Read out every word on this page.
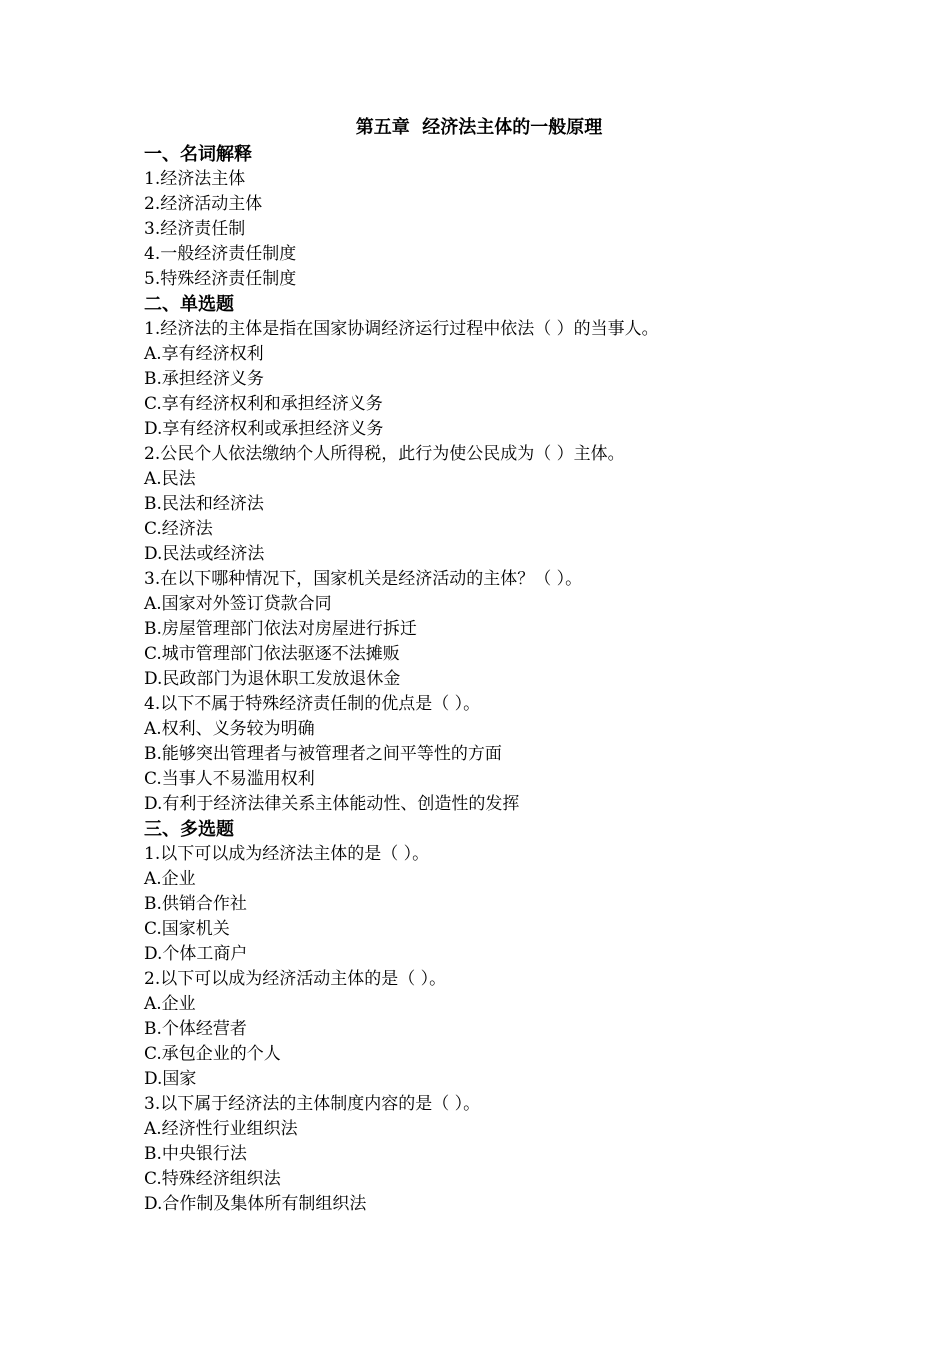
第五章  经济法主体的一般原理
一、名词解释
1.经济法主体
2.经济活动主体
3.经济责任制
4.一般经济责任制度
5.特殊经济责任制度
二、单选题
1.经济法的主体是指在国家协调经济运行过程中依法（ ）的当事人。
A.享有经济权利
B.承担经济义务
C.享有经济权利和承担经济义务
D.享有经济权利或承担经济义务
2.公民个人依法缴纳个人所得税，此行为使公民成为（ ）主体。
A.民法
B.民法和经济法
C.经济法
D.民法或经济法
3.在以下哪种情况下，国家机关是经济活动的主体？（ ）。
A.国家对外签订贷款合同
B.房屋管理部门依法对房屋进行拆迁
C.城市管理部门依法驱逐不法摊贩
D.民政部门为退休职工发放退休金
4.以下不属于特殊经济责任制的优点是（ ）。
A.权利、义务较为明确
B.能够突出管理者与被管理者之间平等性的方面
C.当事人不易滥用权利
D.有利于经济法律关系主体能动性、创造性的发挥
三、多选题
1.以下可以成为经济法主体的是（ ）。
A.企业
B.供销合作社
C.国家机关
D.个体工商户
2.以下可以成为经济活动主体的是（ ）。
A.企业
B.个体经营者
C.承包企业的个人
D.国家
3.以下属于经济法的主体制度内容的是（ ）。
A.经济性行业组织法
B.中央银行法
C.特殊经济组织法
D.合作制及集体所有制组织法
